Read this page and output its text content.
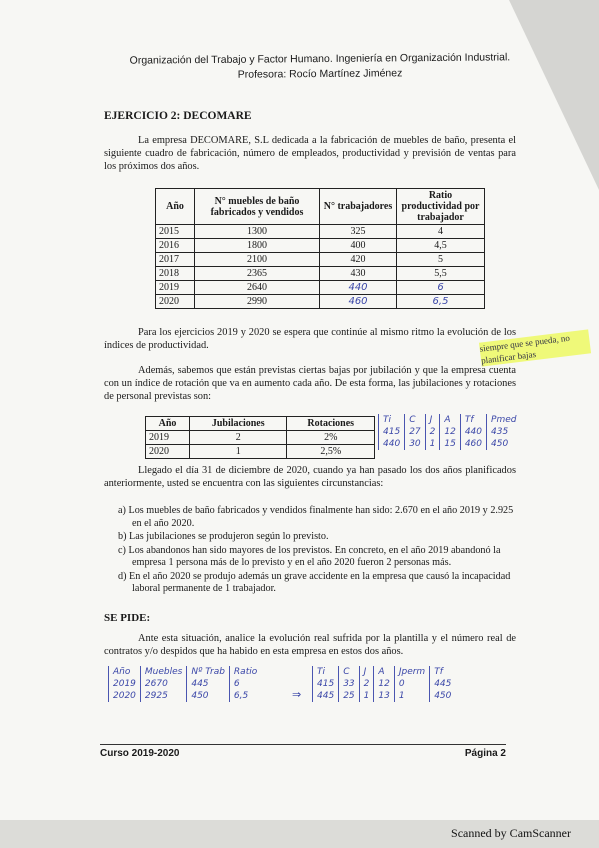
Organización del Trabajo y Factor Humano. Ingeniería en Organización Industrial.
Profesora: Rocío Martínez Jiménez
EJERCICIO 2: DECOMARE
La empresa DECOMARE, S.L dedicada a la fabricación de muebles de baño, presenta el siguiente cuadro de fabricación, número de empleados, productividad y previsión de ventas para los próximos dos años.
Año	N° muebles de baño fabricados y vendidos	N° trabajadores	Ratio productividad por trabajador
2015	1300	325	4
2016	1800	400	4,5
2017	2100	420	5
2018	2365	430	5,5
2019	2640	440	6
2020	2990	460	6,5
Para los ejercicios 2019 y 2020 se espera que continúe al mismo ritmo la evolución de los índices de productividad.	siempre que se pueda, no planificar bajas
Además, sabemos que están previstas ciertas bajas por jubilación y que la empresa cuenta con un índice de rotación que va en aumento cada año. De esta forma, las jubilaciones y rotaciones de personal previstas son:
Año	Jubilaciones	Rotaciones
2019	2	2%
2020	1	2,5%
Ti	C	J	A	Tf	Pmed
415	27	2	12	440	435
440	30	1	15	460	450
Llegado el día 31 de diciembre de 2020, cuando ya han pasado los dos años planificados anteriormente, usted se encuentra con las siguientes circunstancias:
a) Los muebles de baño fabricados y vendidos finalmente han sido: 2.670 en el año 2019 y 2.925 en el año 2020.
b) Las jubilaciones se produjeron según lo previsto.
c) Los abandonos han sido mayores de los previstos. En concreto, en el año 2019 abandonó la empresa 1 persona más de lo previsto y en el año 2020 fueron 2 personas más.
d) En el año 2020 se produjo además un grave accidente en la empresa que causó la incapacidad laboral permanente de 1 trabajador.
SE PIDE:
Ante esta situación, analice la evolución real sufrida por la plantilla y el número real de contratos y/o despidos que ha habido en esta empresa en estos dos años.
Año	Muebles	Nº Trab	Ratio
2019	2670	445	6
2020	2925	450	6,5	⇒
Ti	C	J	A	Jperm	Tf
415	33	2	12	0	445
445	25	1	13	1	450
Curso 2019-2020	Página 2
Scanned by CamScanner
